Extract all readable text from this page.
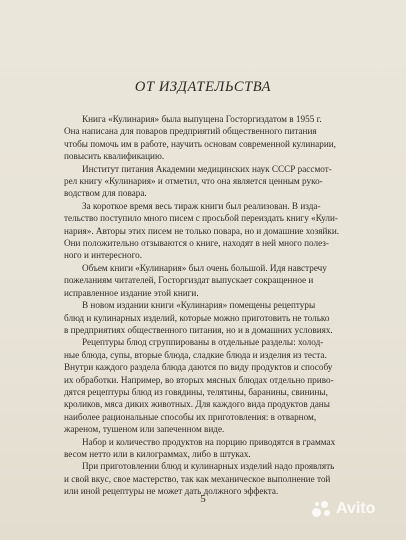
ОТ ИЗДАТЕЛЬСТВА
Книга «Кулинария» была выпущена Госторгиздатом в 1955 г.
Она написана для поваров предприятий общественного питания
чтобы помочь им в работе, научить основам современной кулинарии,
повысить квалификацию.
Институт питания Академии медицинских наук СССР рассмот-
рел книгу «Кулинария» и отметил, что она является ценным руко-
водством для повара.
За короткое время весь тираж книги был реализован. В изда-
тельство поступило много писем с просьбой переиздать книгу «Кули-
нария». Авторы этих писем не только повара, но и домашние хозяйки.
Они положительно отзываются о книге, находят в ней много полез-
ного и интересного.
Объем книги «Кулинария» был очень большой. Идя навстречу
пожеланиям читателей, Госторгиздат выпускает сокращенное и
исправленное издание этой книги.
В новом издании книги «Кулинария» помещены рецептуры
блюд и кулинарных изделий, которые можно приготовить не только
в предприятиях общественного питания, но и в домашних условиях.
Рецептуры блюд сгруппированы в отдельные разделы: холод-
ные блюда, супы, вторые блюда, сладкие блюда и изделия из теста.
Внутри каждого раздела блюда даются по виду продуктов и способу
их обработки. Например, во вторых мясных блюдах отдельно приво-
дятся рецептуры блюд из говядины, телятины, баранины, свинины,
кроликов, мяса диких животных. Для каждого вида продуктов даны
наиболее рациональные способы их приготовления: в отварном,
жареном, тушеном или запеченном виде.
Набор и количество продуктов на порцию приводятся в граммах
весом нетто или в килограммах, либо в штуках.
При приготовлении блюд и кулинарных изделий надо проявлять
и свой вкус, свое мастерство, так как механическое выполнение той
или иной рецептуры не может дать должного эффекта.
5
Avito
